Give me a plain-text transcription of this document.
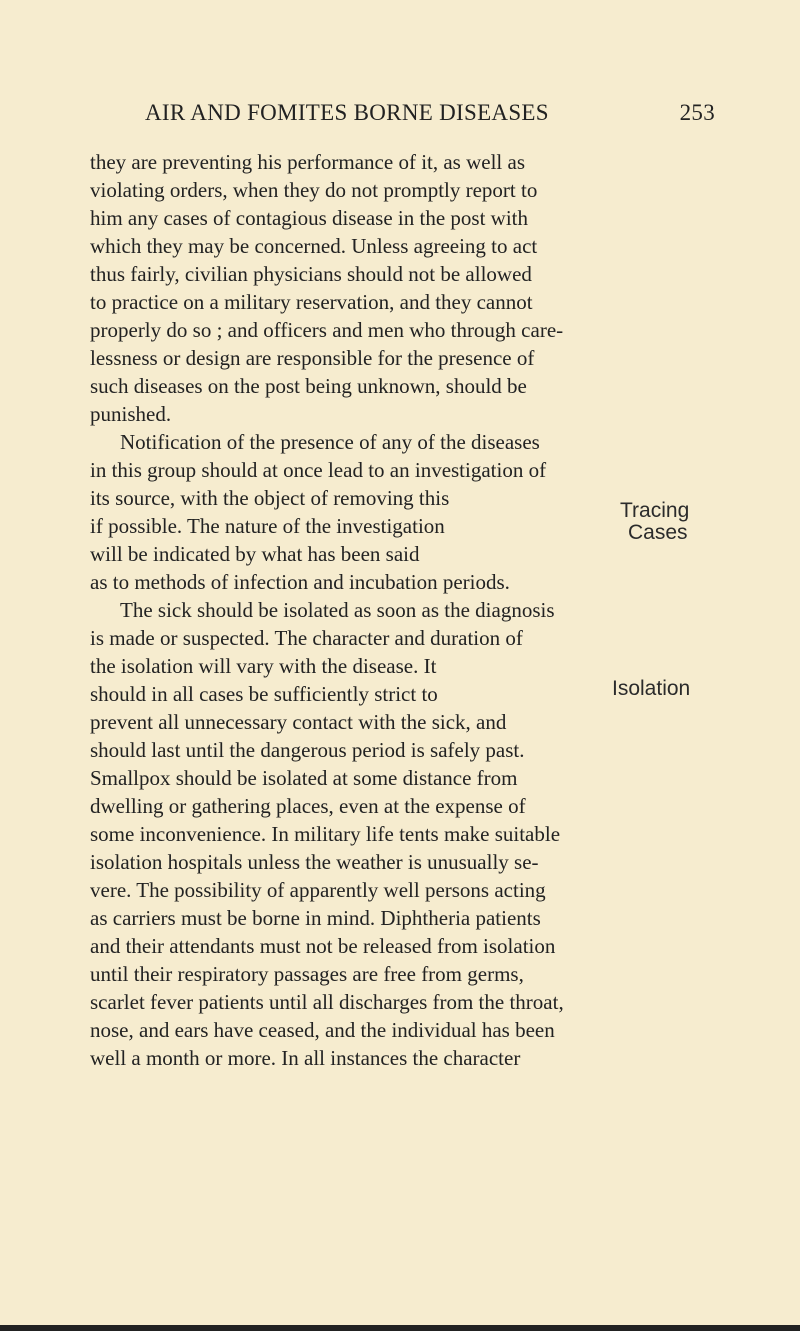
AIR AND FOMITES BORNE DISEASES	253
they are preventing his performance of it, as well as
violating orders, when they do not promptly report to
him any cases of contagious disease in the post with
which they may be concerned. Unless agreeing to act
thus fairly, civilian physicians should not be allowed
to practice on a military reservation, and they cannot
properly do so ; and officers and men who through care-
lessness or design are responsible for the presence of
such diseases on the post being unknown, should be
punished.
Notification of the presence of any of the diseases
in this group should at once lead to an investigation of
its source, with the object of removing this
if possible. The nature of the investigation
will be indicated by what has been said
as to methods of infection and incubation periods.
The sick should be isolated as soon as the diagnosis
is made or suspected. The character and duration of
the isolation will vary with the disease. It
should in all cases be sufficiently strict to
prevent all unnecessary contact with the sick, and
should last until the dangerous period is safely past.
Smallpox should be isolated at some distance from
dwelling or gathering places, even at the expense of
some inconvenience. In military life tents make suitable
isolation hospitals unless the weather is unusually se-
vere. The possibility of apparently well persons acting
as carriers must be borne in mind. Diphtheria patients
and their attendants must not be released from isolation
until their respiratory passages are free from germs,
scarlet fever patients until all discharges from the throat,
nose, and ears have ceased, and the individual has been
well a month or more. In all instances the character
Tracing
Cases
Isolation
